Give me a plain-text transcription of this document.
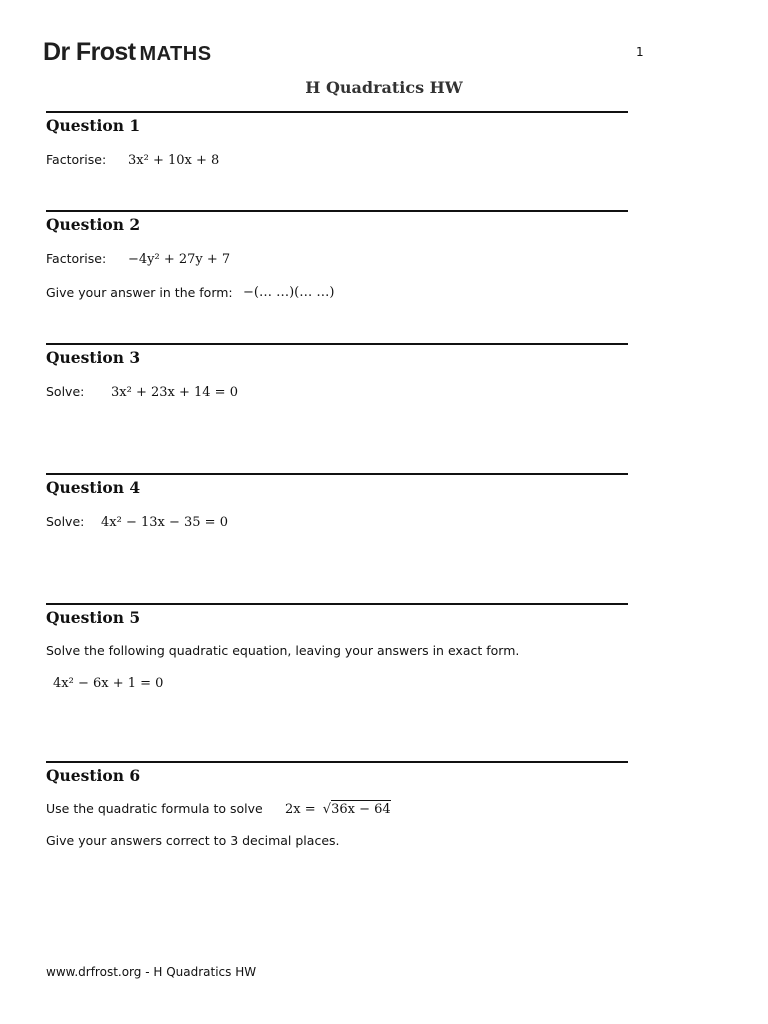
Dr Frost MATHS	1
H Quadratics HW
Question 1
Factorise: 3x² + 10x + 8
Question 2
Factorise: −4y² + 27y + 7
Give your answer in the form: −(… …)(… …)
Question 3
Solve: 3x² + 23x + 14 = 0
Question 4
Solve: 4x² − 13x − 35 = 0
Question 5
Solve the following quadratic equation, leaving your answers in exact form.
4x² − 6x + 1 = 0
Question 6
Use the quadratic formula to solve 2x = √36x − 64
Give your answers correct to 3 decimal places.
www.drfrost.org - H Quadratics HW
